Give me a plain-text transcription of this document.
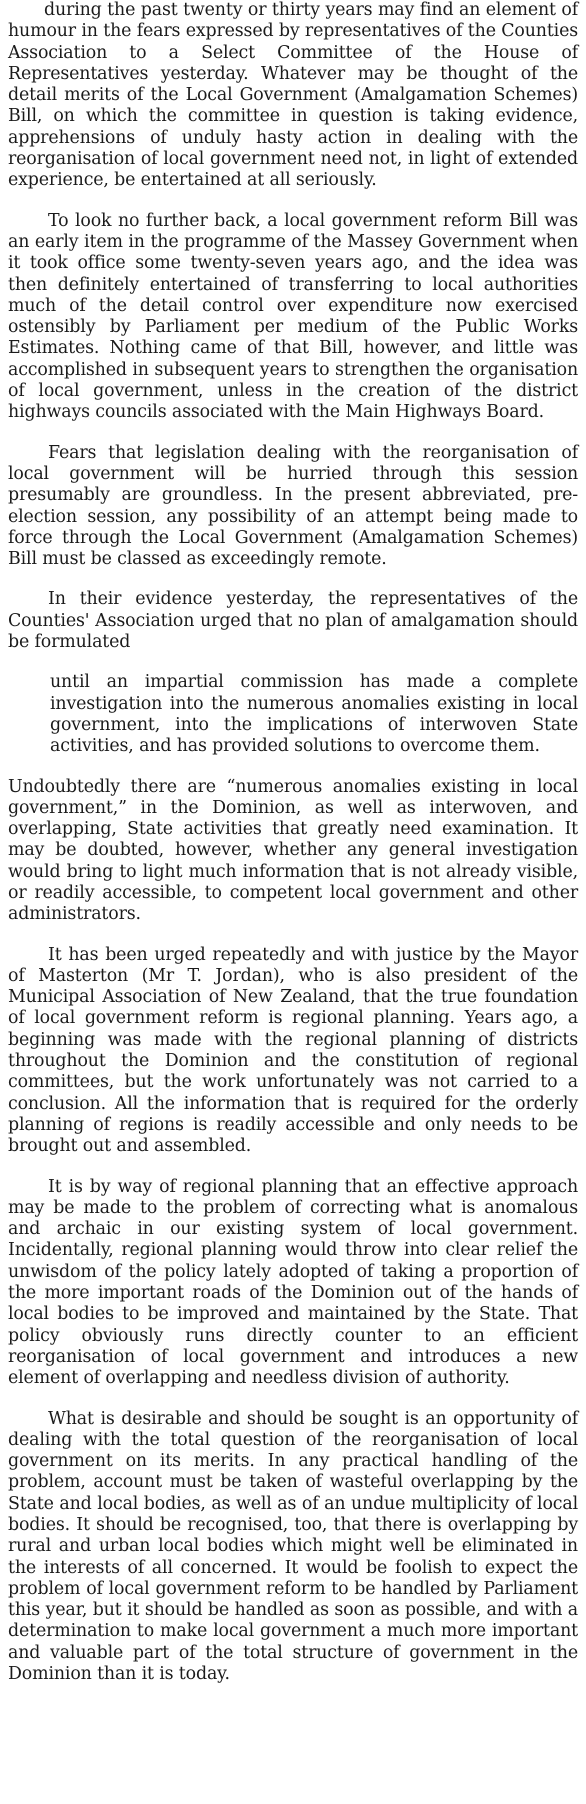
during the past twenty or thirty years may find an element of humour in the fears expressed by representatives of the Counties Association to a Select Committee of the House of Representatives yesterday. Whatever may be thought of the detail merits of the Local Government (Amalgamation Schemes) Bill, on which the committee in question is taking evidence, apprehensions of unduly hasty action in dealing with the reorganisation of local government need not, in light of extended experience, be entertained at all seriously.

To look no further back, a local government reform Bill was an early item in the programme of the Massey Government when it took office some twenty-seven years ago, and the idea was then definitely entertained of transferring to local authorities much of the detail control over expenditure now exercised ostensibly by Parliament per medium of the Public Works Estimates. Nothing came of that Bill, however, and little was accomplished in subsequent years to strengthen the organisation of local government, unless in the creation of the district highways councils associated with the Main Highways Board.

Fears that legislation dealing with the reorganisation of local government will be hurried through this session presumably are groundless. In the present abbreviated, pre-election session, any possibility of an attempt being made to force through the Local Government (Amalgamation Schemes) Bill must be classed as exceedingly remote.

In their evidence yesterday, the representatives of the Counties' Association urged that no plan of amalgamation should be formulated

until an impartial commission has made a complete investigation into the numerous anomalies existing in local government, into the implications of interwoven State activities, and has provided solutions to overcome them.

Undoubtedly there are “numerous anomalies existing in local government,” in the Dominion, as well as interwoven, and overlapping, State activities that greatly need examination. It may be doubted, however, whether any general investigation would bring to light much information that is not already visible, or readily accessible, to competent local government and other administrators.

It has been urged repeatedly and with justice by the Mayor of Masterton (Mr T. Jordan), who is also president of the Municipal Association of New Zealand, that the true foundation of local government reform is regional planning. Years ago, a beginning was made with the regional planning of districts throughout the Dominion and the constitution of regional committees, but the work unfortunately was not carried to a conclusion. All the information that is required for the orderly planning of regions is readily accessible and only needs to be brought out and assembled.

It is by way of regional planning that an effective approach may be made to the problem of correcting what is anomalous and archaic in our existing system of local government. Incidentally, regional planning would throw into clear relief the unwisdom of the policy lately adopted of taking a proportion of the more important roads of the Dominion out of the hands of local bodies to be improved and maintained by the State. That policy obviously runs directly counter to an efficient reorganisation of local government and introduces a new element of overlapping and needless division of authority.

What is desirable and should be sought is an opportunity of dealing with the total question of the reorganisation of local government on its merits. In any practical handling of the problem, account must be taken of wasteful overlapping by the State and local bodies, as well as of an undue multiplicity of local bodies. It should be recognised, too, that there is overlapping by rural and urban local bodies which might well be eliminated in the interests of all concerned. It would be foolish to expect the problem of local government reform to be handled by Parliament this year, but it should be handled as soon as possible, and with a determination to make local government a much more important and valuable part of the total structure of government in the Dominion than it is today.
